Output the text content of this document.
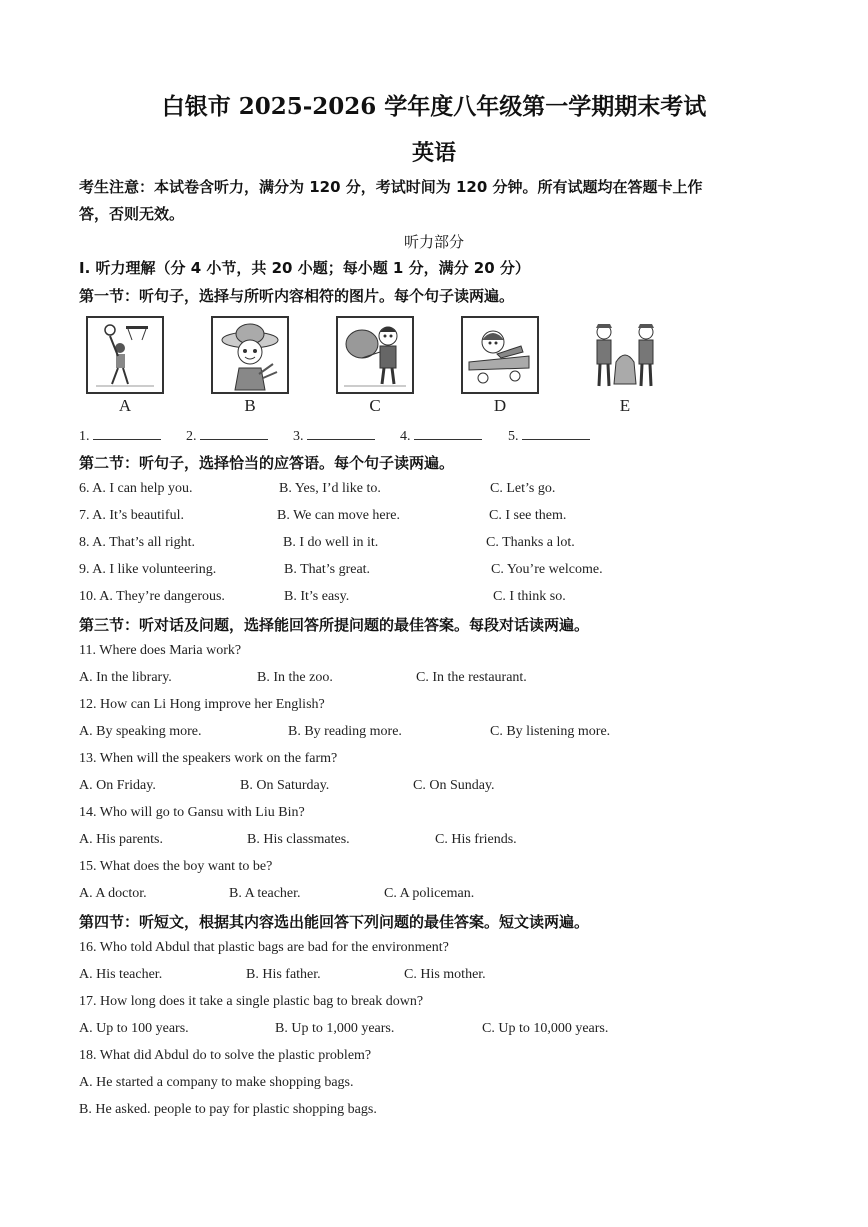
白银市 2025-2026 学年度八年级第一学期期末考试
英语
考生注意：本试卷含听力，满分为 120 分，考试时间为 120 分钟。所有试题均在答题卡上作
答，否则无效。
听力部分
I. 听力理解（分 4 小节，共 20 小题；每小题 1 分，满分 20 分）
第一节：听句子，选择与所听内容相符的图片。每个句子读两遍。
A	B	C	D	E
1.	2.	3.	4.	5.
第二节：听句子，选择恰当的应答语。每个句子读两遍。
6. A. I can help you.	B. Yes, I’d like to.	C. Let’s go.
7. A. It’s beautiful.	B. We can move here.	C. I see them.
8. A. That’s all right.	B. I do well in it.	C. Thanks a lot.
9. A. I like volunteering.	B. That’s great.	C. You’re welcome.
10. A. They’re dangerous.	B. It’s easy.	C. I think so.
第三节：听对话及问题，选择能回答所提问题的最佳答案。每段对话读两遍。
11. Where does Maria work?
A. In the library.	B. In the zoo.	C. In the restaurant.
12. How can Li Hong improve her English?
A. By speaking more.	B. By reading more.	C. By listening more.
13. When will the speakers work on the farm?
A. On Friday.	B. On Saturday.	C. On Sunday.
14. Who will go to Gansu with Liu Bin?
A. His parents.	B. His classmates.	C. His friends.
15. What does the boy want to be?
A. A doctor.	B. A teacher.	C. A policeman.
第四节：听短文，根据其内容选出能回答下列问题的最佳答案。短文读两遍。
16. Who told Abdul that plastic bags are bad for the environment?
A. His teacher.	B. His father.	C. His mother.
17. How long does it take a single plastic bag to break down?
A. Up to 100 years.	B. Up to 1,000 years.	C. Up to 10,000 years.
18. What did Abdul do to solve the plastic problem?
A. He started a company to make shopping bags.
B. He asked. people to pay for plastic shopping bags.
